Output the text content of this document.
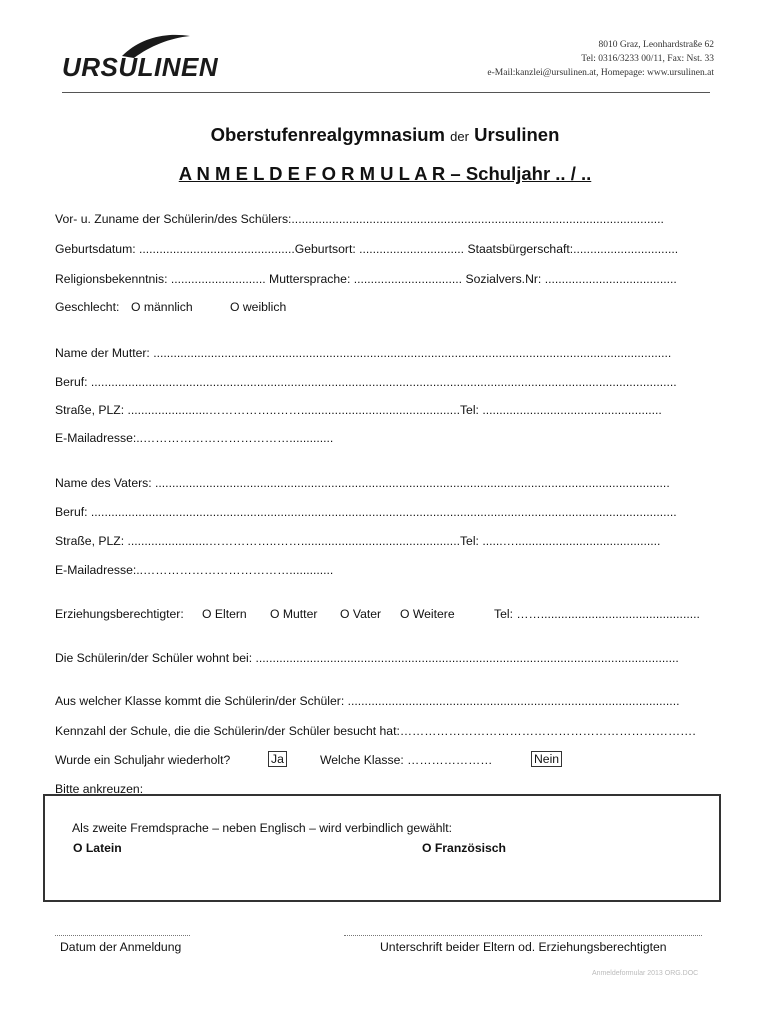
URSULINEN
8010 Graz, Leonhardstraße 62
Tel: 0316/3233 00/11, Fax: Nst. 33
e-Mail:kanzlei@ursulinen.at, Homepage: www.ursulinen.at
Oberstufenrealgymnasium der Ursulinen
A N M E L D E F O R M U L A R – Schuljahr .. / ..
Vor- u. Zuname der Schülerin/des Schülers:..............................................................................................................
Geburtsdatum: ..............................................Geburtsort: ............................... Staatsbürgerschaft:...............................
Religionsbekenntnis: ............................ Muttersprache: ................................ Sozialvers.Nr: .......................................
Geschlecht: O männlich	O weiblich
Name der Mutter: .........................................................................................................................................................
Beruf: .............................................................................................................................................................................
Straße, PLZ: ........................……………..……...............................................Tel: .....................................................
E-Mailadresse:..……………………………….............
Name des Vaters: ........................................................................................................................................................
Beruf: .............................................................................................................................................................................
Straße, PLZ: ........................……………..……...............................................Tel: ......…...........................................
E-Mailadresse:..……………………………….............
Erziehungsberechtigter: O Eltern O Mutter O Vater O Weitere	Tel: ……...............................................
Die Schülerin/der Schüler wohnt bei: .............................................................................................................................
Aus welcher Klasse kommt die Schülerin/der Schüler: ..................................................................................................
Kennzahl der Schule, die die Schülerin/der Schüler besucht hat:……………………………………………………………….
Wurde ein Schuljahr wiederholt?	Ja	Welche Klasse: …………………	Nein
Bitte ankreuzen:
Als zweite Fremdsprache – neben Englisch – wird verbindlich gewählt:
O Latein	O Französisch
Datum der Anmeldung	Unterschrift beider Eltern od. Erziehungsberechtigten
Anmeldeformular 2013 ORG.DOC
